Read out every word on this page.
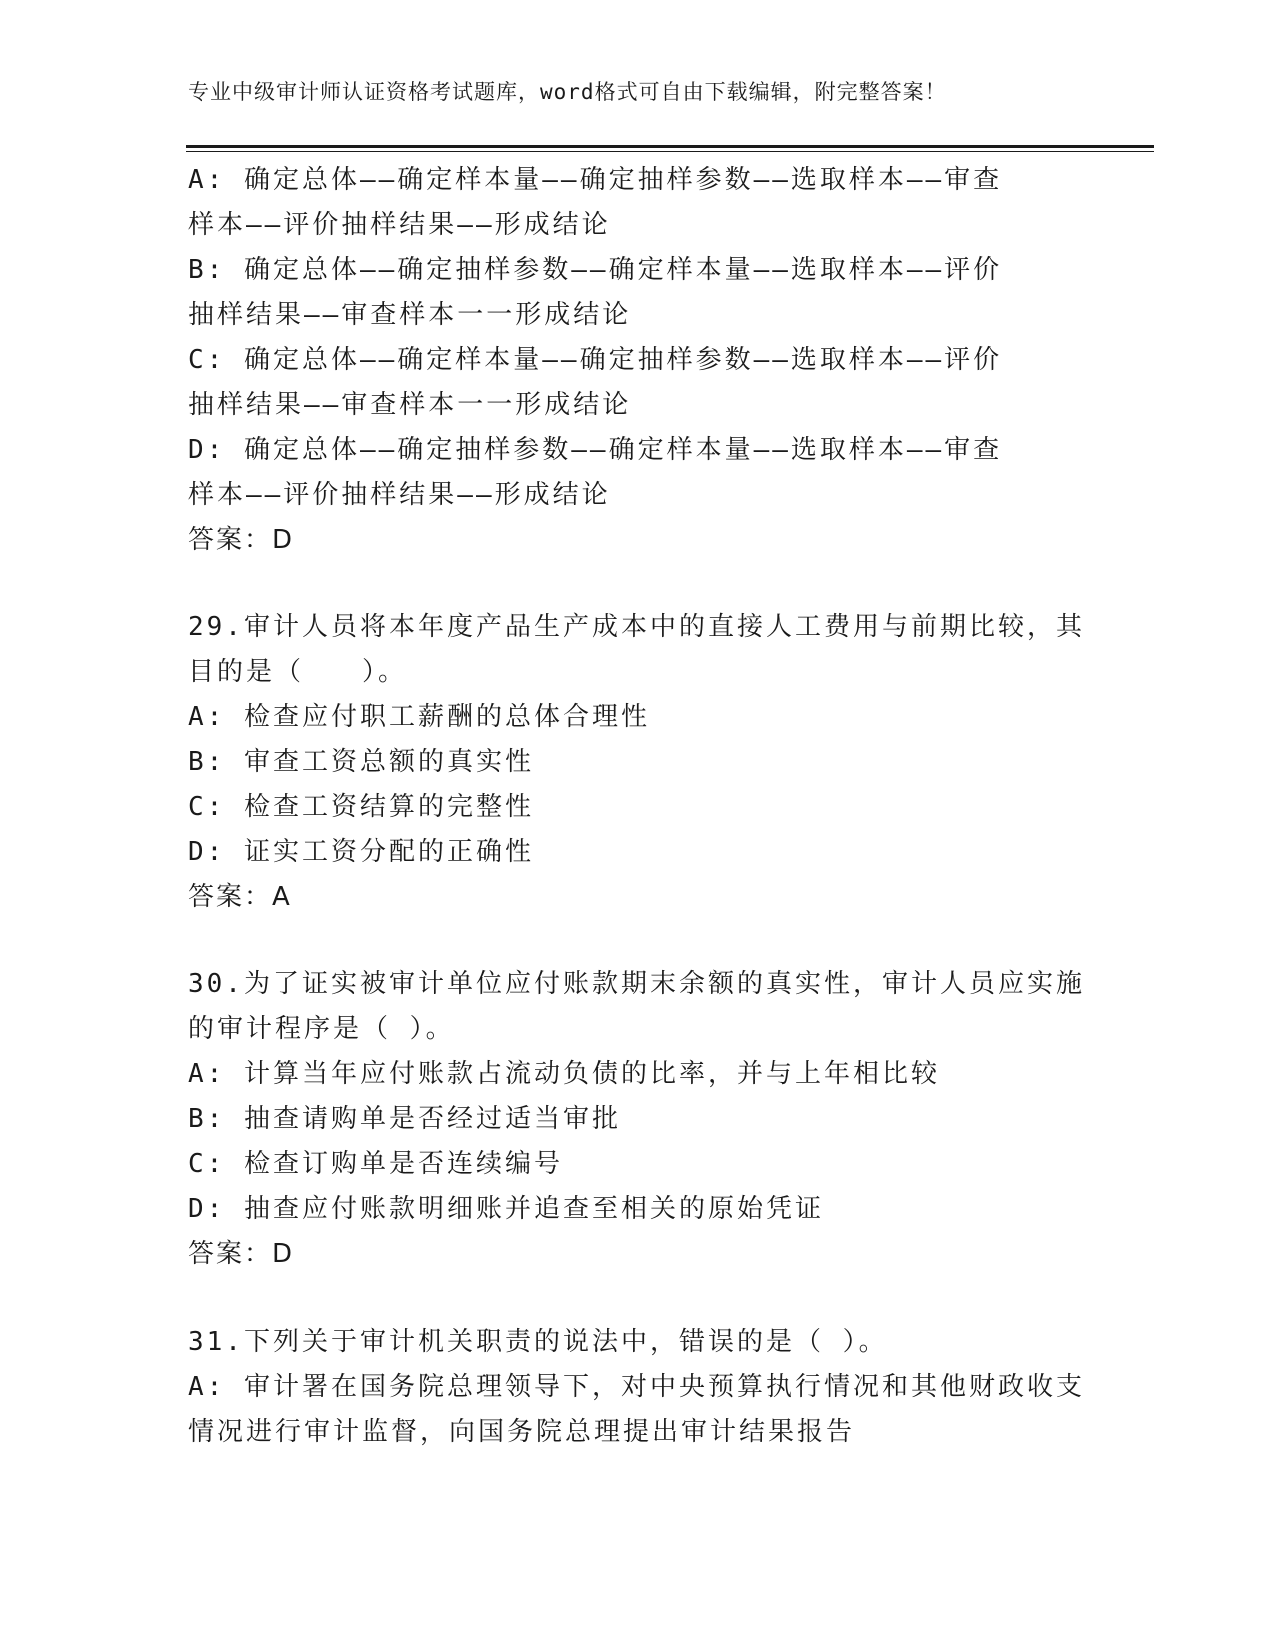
专业中级审计师认证资格考试题库，word格式可自由下载编辑，附完整答案！
A: 确定总体——确定样本量——确定抽样参数——选取样本——审查
样本——评价抽样结果——形成结论
B: 确定总体——确定抽样参数——确定样本量——选取样本——评价
抽样结果——审查样本一一形成结论
C: 确定总体——确定样本量——确定抽样参数——选取样本——评价
抽样结果——审查样本一一形成结论
D: 确定总体——确定抽样参数——确定样本量——选取样本——审查
样本——评价抽样结果——形成结论
答案：D
29.审计人员将本年度产品生产成本中的直接人工费用与前期比较，其
目的是（　　）。
A: 检查应付职工薪酬的总体合理性
B: 审查工资总额的真实性
C: 检查工资结算的完整性
D: 证实工资分配的正确性
答案：A
30.为了证实被审计单位应付账款期末余额的真实性，审计人员应实施
的审计程序是（ ）。
A: 计算当年应付账款占流动负债的比率，并与上年相比较
B: 抽查请购单是否经过适当审批
C: 检查订购单是否连续编号
D: 抽查应付账款明细账并追查至相关的原始凭证
答案：D
31.下列关于审计机关职责的说法中，错误的是（ ）。
A: 审计署在国务院总理领导下，对中央预算执行情况和其他财政收支
情况进行审计监督，向国务院总理提出审计结果报告
